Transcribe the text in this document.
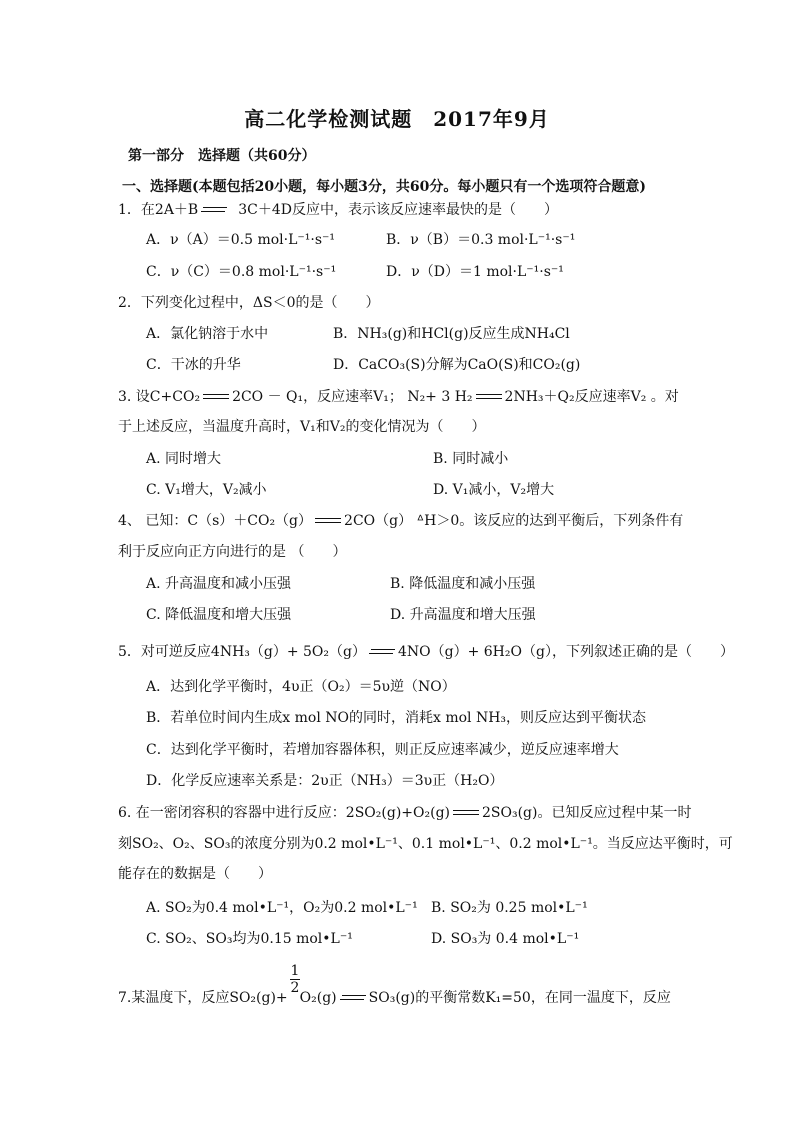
高二化学检测试题　2017年9月
第一部分　选择题（共60分）
一、选择题(本题包括20小题，每小题3分，共60分。每小题只有一个选项符合题意)
1．在2A＋B	3C＋4D反应中，表示该反应速率最快的是（　　）
A．ν（A）＝0.5 mol·L⁻¹·s⁻¹	B．ν（B）＝0.3 mol·L⁻¹·s⁻¹
C．ν（C）＝0.8 mol·L⁻¹·s⁻¹	D．ν（D）＝1 mol·L⁻¹·s⁻¹
2．下列变化过程中，ΔS＜0的是（　　）
A．氯化钠溶于水中	B．NH₃(g)和HCl(g)反应生成NH₄Cl
C．干冰的升华	D．CaCO₃(S)分解为CaO(S)和CO₂(g)
3. 设C+CO₂ 2CO － Q₁，反应速率V₁； N₂+ 3 H₂ 2NH₃＋Q₂反应速率V₂ 。对
于上述反应，当温度升高时，V₁和V₂的变化情况为（　　）
A. 同时增大	B. 同时减小
C. V₁增大，V₂减小	D. V₁减小，V₂增大
4、 已知：C（s）＋CO₂（g） 2CO（g） ᐞH＞0。该反应的达到平衡后，下列条件有
利于反应向正方向进行的是 （　　）
A. 升高温度和减小压强	B. 降低温度和减小压强
C. 降低温度和增大压强	D. 升高温度和增大压强
5．对可逆反应4NH₃（g）+ 5O₂（g） 4NO（g）+ 6H₂O（g），下列叙述正确的是（　　）
A．达到化学平衡时，4υ正（O₂）＝5υ逆（NO）
B．若单位时间内生成x mol NO的同时，消耗x mol NH₃，则反应达到平衡状态
C．达到化学平衡时，若增加容器体积，则正反应速率减少，逆反应速率增大
D．化学反应速率关系是：2υ正（NH₃）＝3υ正（H₂O）
6. 在一密闭容积的容器中进行反应：2SO₂(g)+O₂(g) 2SO₃(g)。已知反应过程中某一时
刻SO₂、O₂、SO₃的浓度分别为0.2 mol•L⁻¹、0.1 mol•L⁻¹、0.2 mol•L⁻¹。当反应达平衡时，可
能存在的数据是（　　）
A. SO₂为0.4 mol•L⁻¹，O₂为0.2 mol•L⁻¹ B. SO₂为 0.25 mol•L⁻¹
C. SO₂、SO₃均为0.15 mol•L⁻¹	D. SO₃为 0.4 mol•L⁻¹
1
2
7.某温度下，反应SO₂(g)+ O₂(g) SO₃(g)的平衡常数K₁=50，在同一温度下，反应
